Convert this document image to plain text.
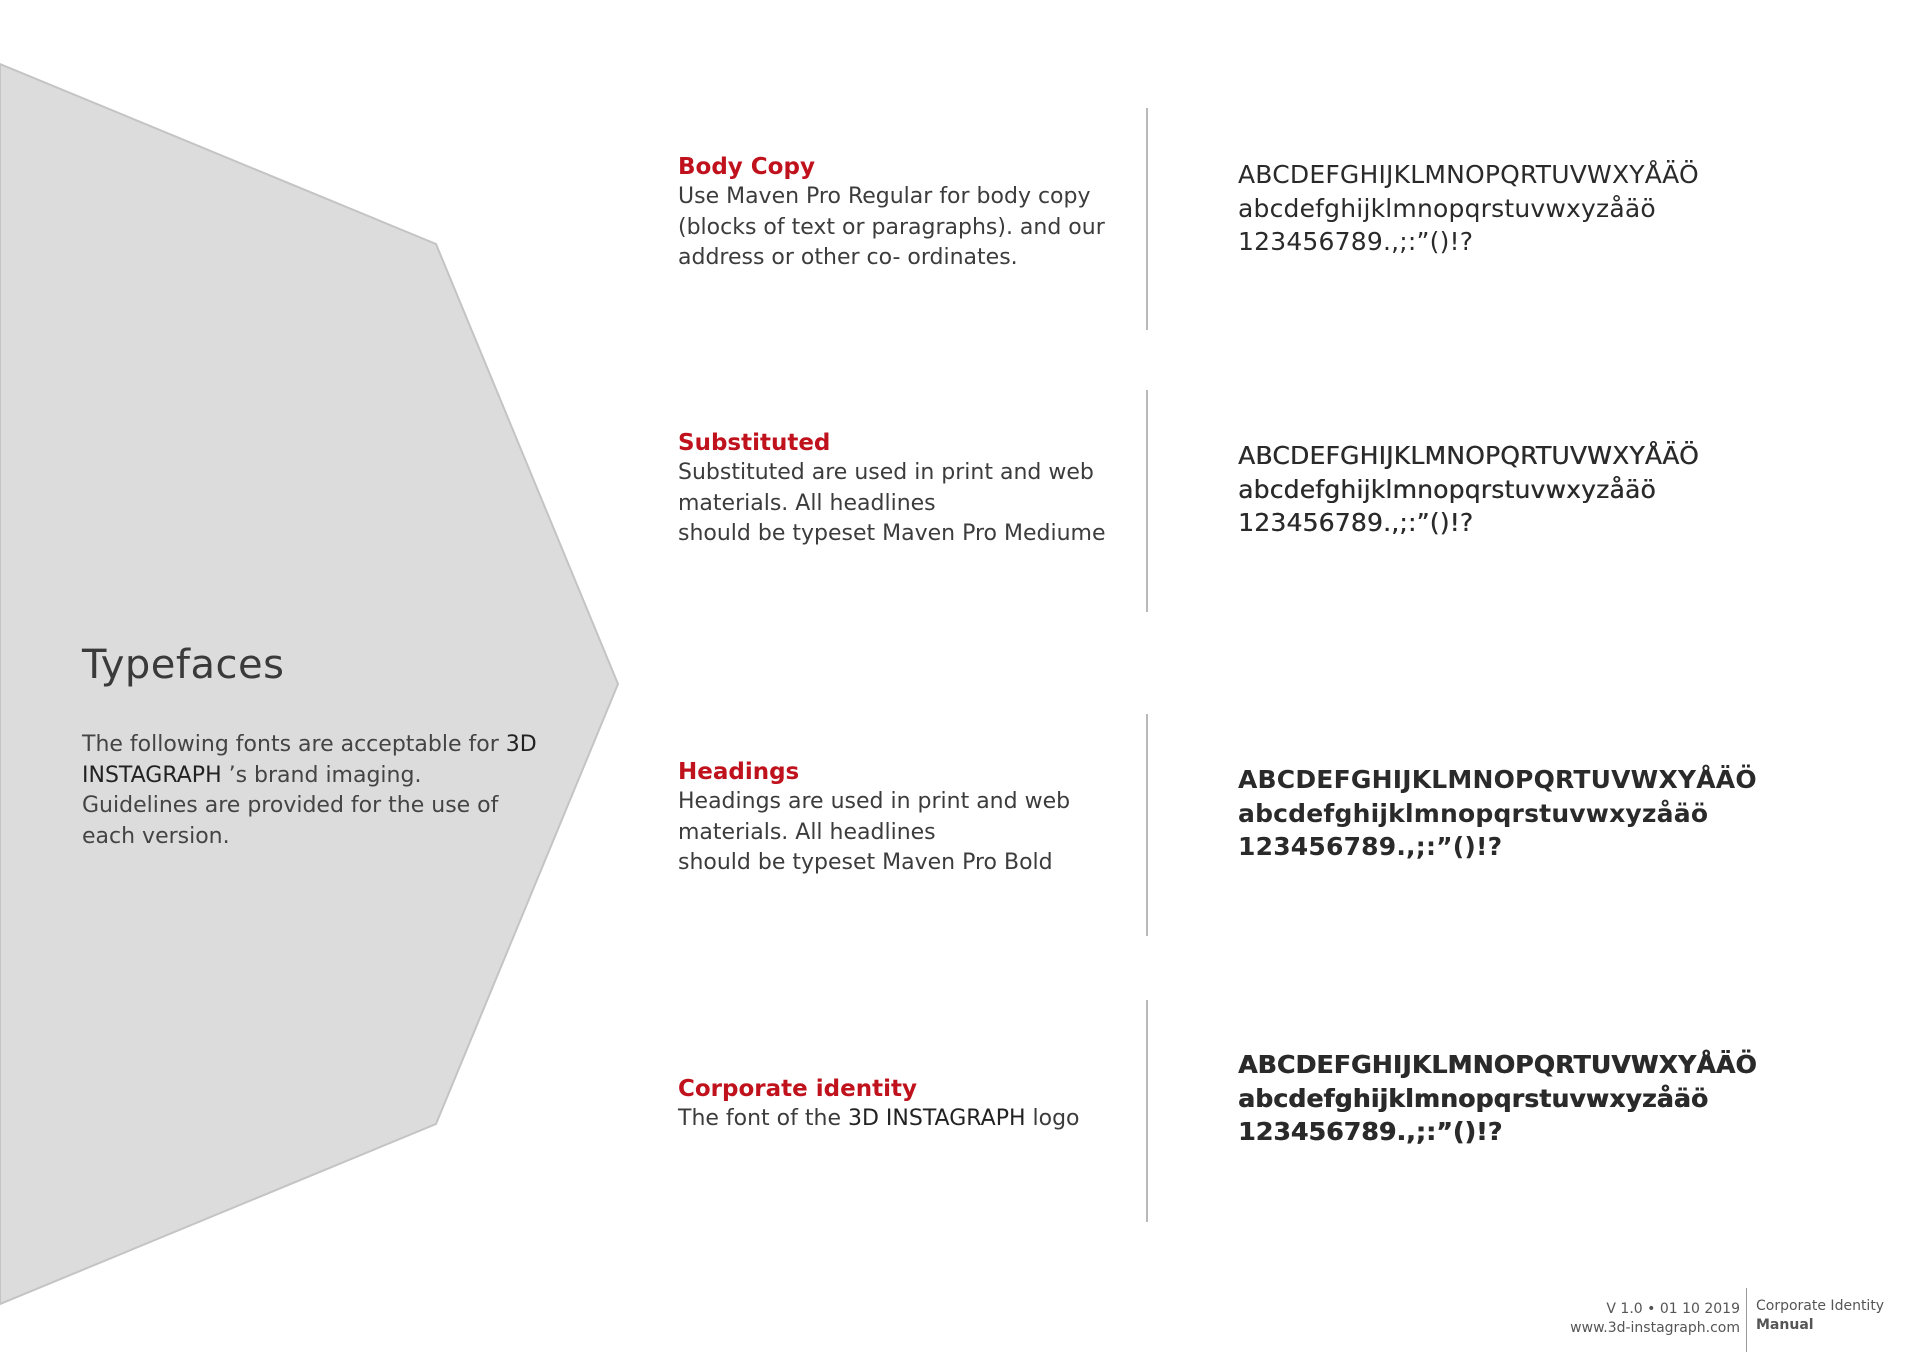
Typefaces

The following fonts are acceptable for 3D INSTAGRAPH ’s brand imaging. Guidelines are provided for the use of each version.

Body Copy

Use Maven Pro Regular for body copy
(blocks of text or paragraphs). and our
address or other co- ordinates.

ABCDEFGHIJKLMNOPQRTUVWXYÅÄÖ
abcdefghijklmnopqrstuvwxyzåäö
123456789.,;:”()!?

Substituted

Substituted are used in print and web
materials. All headlines
should be typeset Maven Pro Mediume

ABCDEFGHIJKLMNOPQRTUVWXYÅÄÖ
abcdefghijklmnopqrstuvwxyzåäö
123456789.,;:”()!?

Headings

Headings are used in print and web
materials. All headlines
should be typeset Maven Pro Bold

ABCDEFGHIJKLMNOPQRTUVWXYÅÄÖ
abcdefghijklmnopqrstuvwxyzåäö
123456789.,;:”()!?

Corporate identity

The font of the 3D INSTAGRAPH logo

ABCDEFGHIJKLMNOPQRTUVWXYÅÄÖ
abcdefghijklmnopqrstuvwxyzåäö
123456789.,;:”()!?
V 1.0 • 01 10 2019
www.3d-instagraph.com
Corporate Identity
Manual
